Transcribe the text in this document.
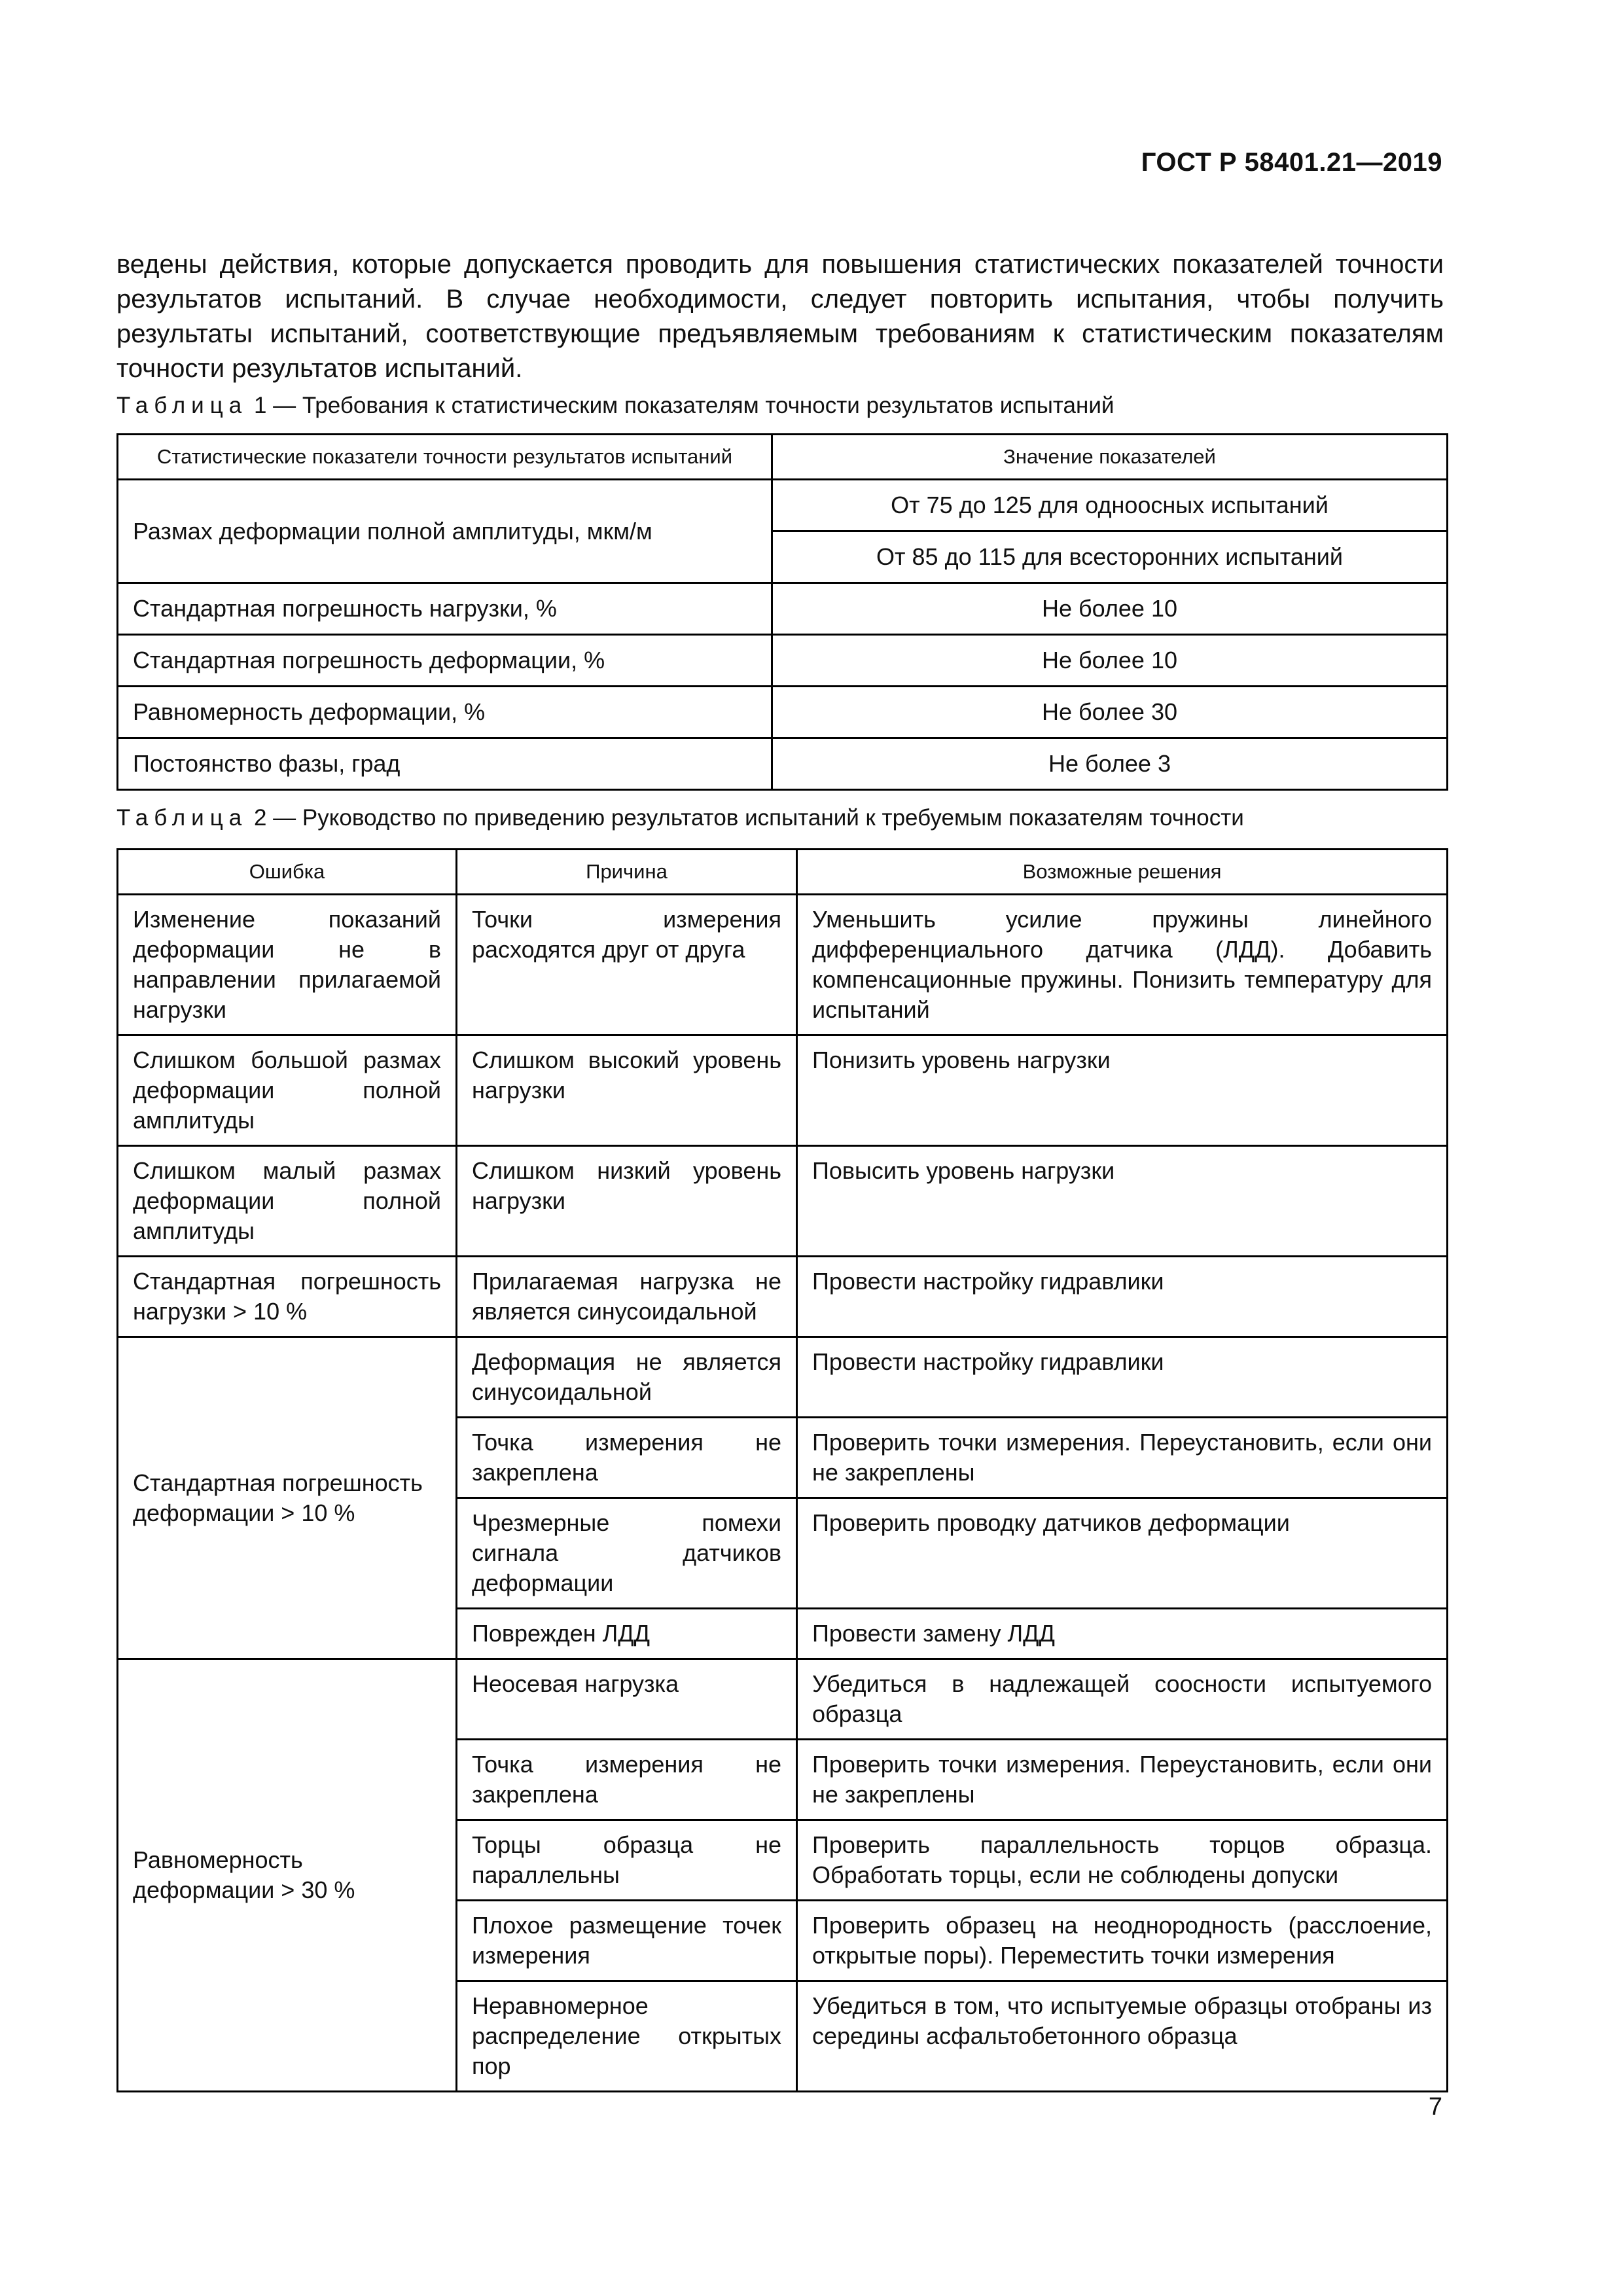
ГОСТ Р 58401.21—2019

ведены действия, которые допускается проводить для повышения статистических показателей точности результатов испытаний. В случае необходимости, следует повторить испытания, чтобы получить результаты испытаний, соответствующие предъявляемым требованиям к статистическим показателям точности результатов испытаний.

Таблица 1 — Требования к статистическим показателям точности результатов испытаний
Статистические показатели точности результатов испытаний	Значение показателей
Размах деформации полной амплитуды, мкм/м	От 75 до 125 для одноосных испытаний
	От 85 до 115 для всесторонних испытаний
Стандартная погрешность нагрузки, %	Не более 10
Стандартная погрешность деформации, %	Не более 10
Равномерность деформации, %	Не более 30
Постоянство фазы, град	Не более 3
Таблица 2 — Руководство по приведению результатов испытаний к требуемым показателям точности
Ошибка	Причина	Возможные решения
Изменение показаний деформации не в направлении прилагаемой нагрузки	Точки измерения расходятся друг от друга	Уменьшить усилие пружины линейного дифференциального датчика (ЛДД). Добавить компенсационные пружины. Понизить температуру для испытаний
Слишком большой размах деформации полной амплитуды	Слишком высокий уровень нагрузки	Понизить уровень нагрузки
Слишком малый размах деформации полной амплитуды	Слишком низкий уровень нагрузки	Повысить уровень нагрузки
Стандартная погрешность нагрузки > 10 %	Прилагаемая нагрузка не является синусоидальной	Провести настройку гидравлики
Стандартная погрешность деформации > 10 %	Деформация не является синусоидальной	Провести настройку гидравлики
	Точка измерения не закреплена	Проверить точки измерения. Переустановить, если они не закреплены
	Чрезмерные помехи сигнала датчиков деформации	Проверить проводку датчиков деформации
	Поврежден ЛДД	Провести замену ЛДД
Равномерность деформации > 30 %	Неосевая нагрузка	Убедиться в надлежащей соосности испытуемого образца
	Точка измерения не закреплена	Проверить точки измерения. Переустановить, если они не закреплены
	Торцы образца не параллельны	Проверить параллельность торцов образца. Обработать торцы, если не соблюдены допуски
	Плохое размещение точек измерения	Проверить образец на неоднородность (расслоение, открытые поры). Переместить точки измерения
	Неравномерное распределение открытых пор	Убедиться в том, что испытуемые образцы отобраны из середины асфальтобетонного образца
7
